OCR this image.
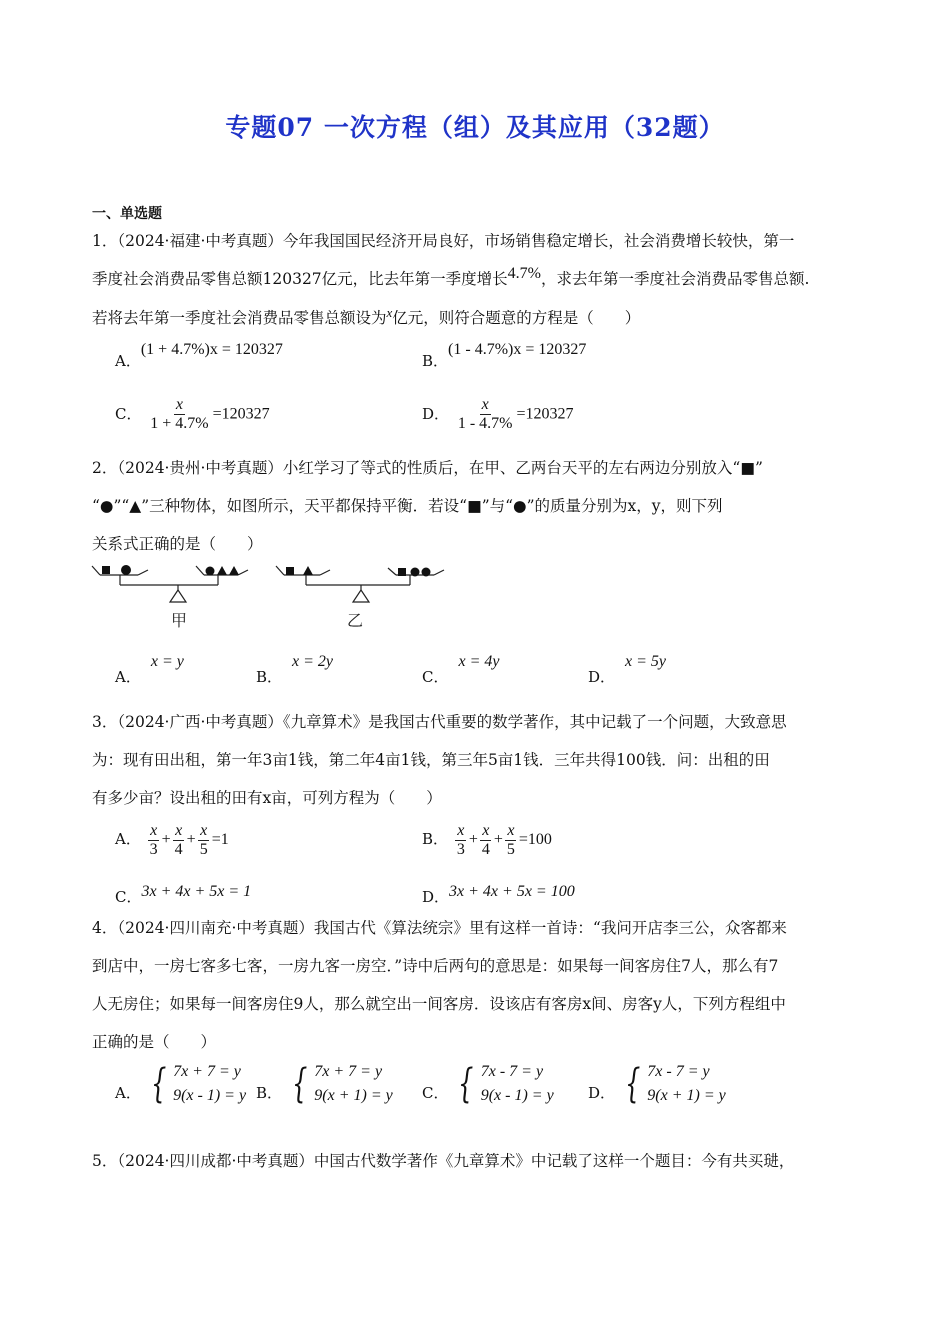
专题07 一次方程（组）及其应用（32题）
一、单选题
1．（2024·福建·中考真题）今年我国国民经济开局良好，市场销售稳定增长，社会消费增长较快，第一
季度社会消费品零售总额120327亿元，比去年第一季度增长4.7%，求去年第一季度社会消费品零售总额.
若将去年第一季度社会消费品零售总额设为$^x$亿元，则符合题意的方程是（　　）
A．(1 + 4.7%)x = 120327
B．(1 - 4.7%)x = 120327
C． $\frac{x}{1 + 4.7\%} =120327$	D． $\frac{x}{1 - 4.7\%} =120327$
2．（2024·贵州·中考真题）小红学习了等式的性质后，在甲、乙两台天平的左右两边分别放入“■”
“●”“▲”三种物体，如图所示，天平都保持平衡．若设“■”与“●”的质量分别为x，y，则下列
关系式正确的是（　　）
甲	乙
A．x = y
B．x = 2y
C．x = 4y
D．x = 5y
3．（2024·广西·中考真题）《九章算术》是我国古代重要的数学著作，其中记载了一个问题，大致意思
为：现有田出租，第一年3亩1钱，第二年4亩1钱，第三年5亩1钱．三年共得100钱．问：出租的田
有多少亩？设出租的田有x亩，可列方程为（　　）
A． $\frac{x}{3} + \frac{x}{4} + \frac{x}{5} =1$	B． $\frac{x}{3} + \frac{x}{4} + \frac{x}{5} =100$
C．3x + 4x + 5x = 1	D．3x + 4x + 5x = 100
4．（2024·四川南充·中考真题）我国古代《算法统宗》里有这样一首诗：“我问开店李三公，众客都来
到店中，一房七客多七客，一房九客一房空．”诗中后两句的意思是：如果每一间客房住7人，那么有7
人无房住；如果每一间客房住9人，那么就空出一间客房．设该店有客房x间、房客y人，下列方程组中
正确的是（　　）
A． { 7x + 7 = y
9(x - 1) = y B． { 7x + 7 = y
9(x + 1) = y C． { 7x - 7 = y
9(x - 1) = y D． { 7x - 7 = y
9(x + 1) = y
5．（2024·四川成都·中考真题）中国古代数学著作《九章算术》中记载了这样一个题目：今有共买琎，
